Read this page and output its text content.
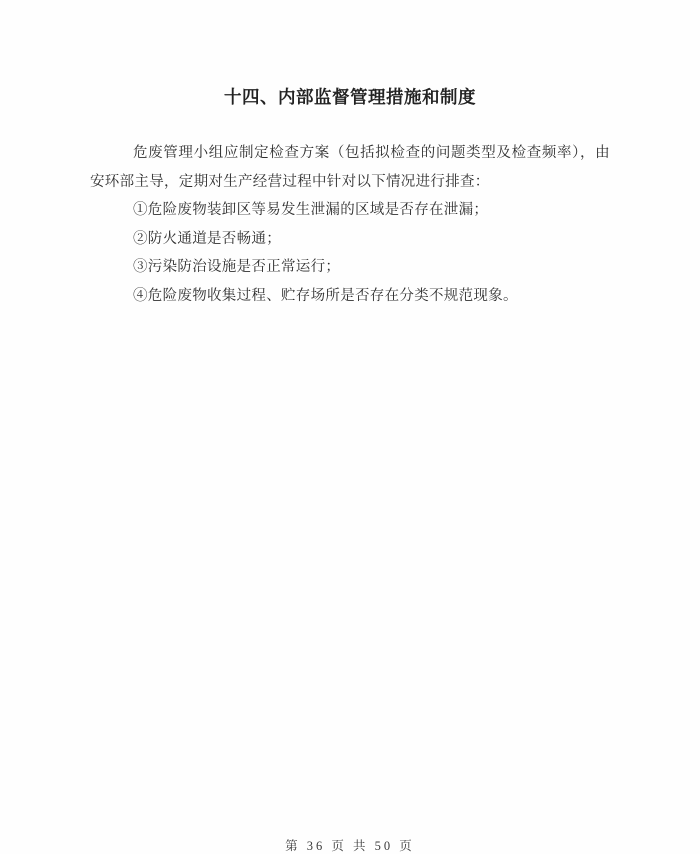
十四、内部监督管理措施和制度

危废管理小组应制定检查方案（包括拟检查的问题类型及检查频率），由安环部主导，定期对生产经营过程中针对以下情况进行排查：

①危险废物装卸区等易发生泄漏的区域是否存在泄漏；
②防火通道是否畅通；
③污染防治设施是否正常运行；
④危险废物收集过程、贮存场所是否存在分类不规范现象。
第 36 页 共 50 页
